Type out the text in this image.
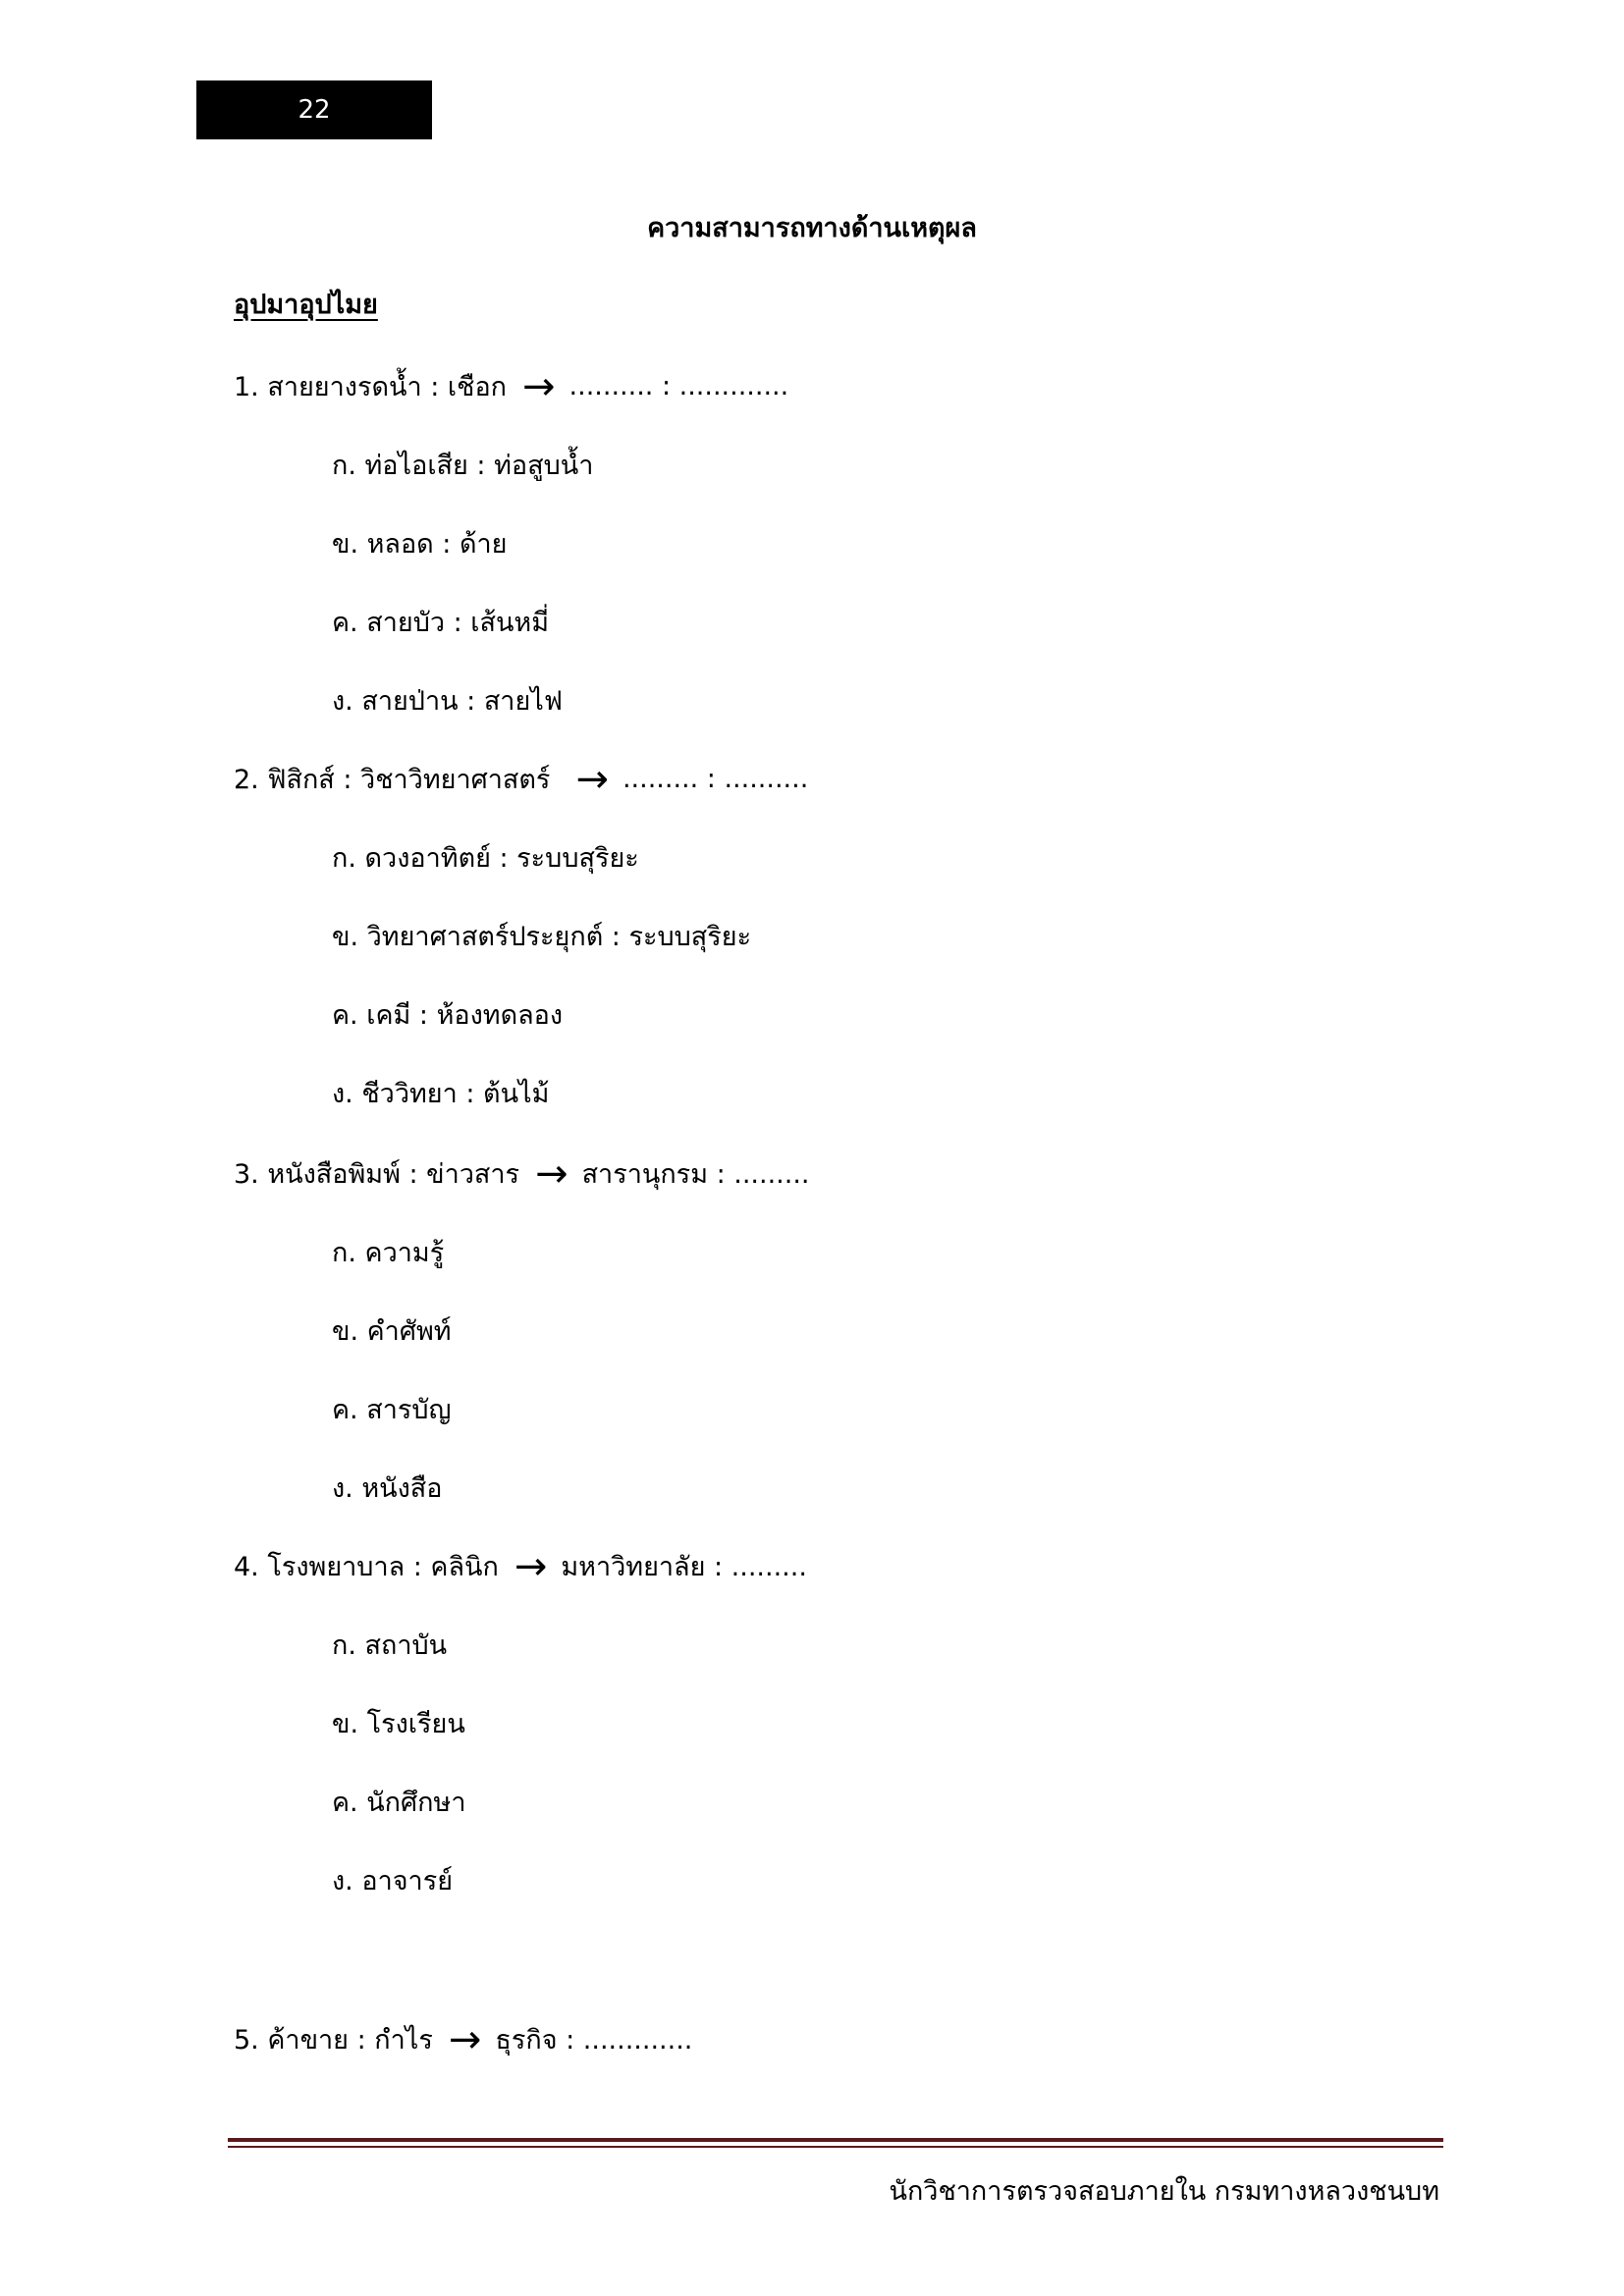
22
ความสามารถทางด้านเหตุผล
อุปมาอุปไมย
1. สายยางรดน้ำ : เชือก → .......... : .............
ก. ท่อไอเสีย : ท่อสูบน้ำ
ข. หลอด : ด้าย
ค. สายบัว : เส้นหมี่
ง. สายป่าน : สายไฟ
2. ฟิสิกส์ : วิชาวิทยาศาสตร์ → ......... : ..........
ก. ดวงอาทิตย์ : ระบบสุริยะ
ข. วิทยาศาสตร์ประยุกต์ : ระบบสุริยะ
ค. เคมี : ห้องทดลอง
ง. ชีววิทยา : ต้นไม้
3. หนังสือพิมพ์ : ข่าวสาร → สารานุกรม : .........
ก. ความรู้
ข. คำศัพท์
ค. สารบัญ
ง. หนังสือ
4. โรงพยาบาล : คลินิก → มหาวิทยาลัย : .........
ก. สถาบัน
ข. โรงเรียน
ค. นักศึกษา
ง. อาจารย์
5. ค้าขาย : กำไร → ธุรกิจ : .............
นักวิชาการตรวจสอบภายใน กรมทางหลวงชนบท
